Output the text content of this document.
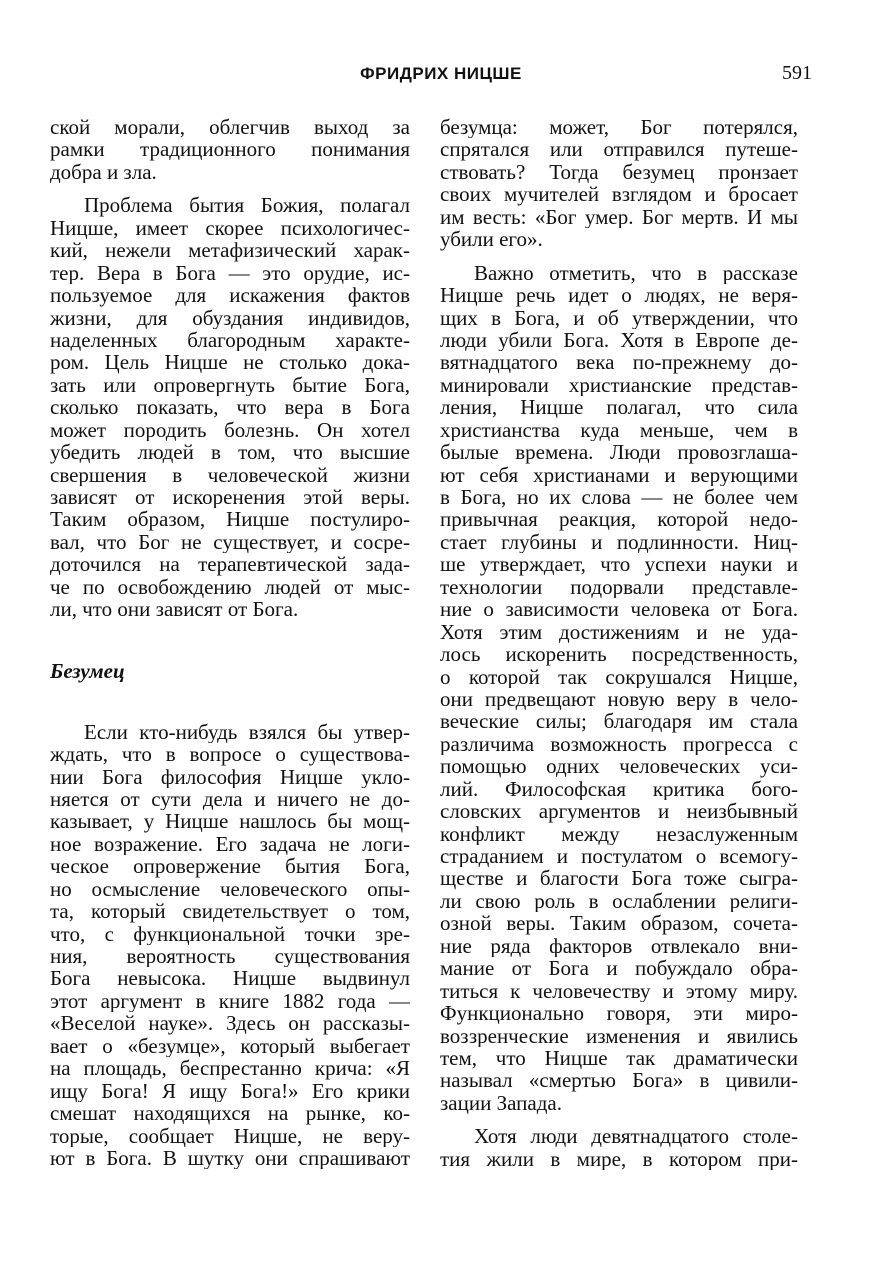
ФРИДРИХ НИЦШЕ	591
ской морали, облегчив выход за
рамки традиционного понимания
добра и зла.
Проблема бытия Божия, полагал
Ницше, имеет скорее психологичес-
кий, нежели метафизический харак-
тер. Вера в Бога — это орудие, ис-
пользуемое для искажения фактов
жизни, для обуздания индивидов,
наделенных благородным характе-
ром. Цель Ницше не столько дока-
зать или опровергнуть бытие Бога,
сколько показать, что вера в Бога
может породить болезнь. Он хотел
убедить людей в том, что высшие
свершения в человеческой жизни
зависят от искоренения этой веры.
Таким образом, Ницше постулиро-
вал, что Бог не существует, и сосре-
доточился на терапевтической зада-
че по освобождению людей от мыс-
ли, что они зависят от Бога.
Безумец
Если кто-нибудь взялся бы утвер-
ждать, что в вопросе о существова-
нии Бога философия Ницше укло-
няется от сути дела и ничего не до-
казывает, у Ницше нашлось бы мощ-
ное возражение. Его задача не логи-
ческое опровержение бытия Бога,
но осмысление человеческого опы-
та, который свидетельствует о том,
что, с функциональной точки зре-
ния, вероятность существования
Бога невысока. Ницше выдвинул
этот аргумент в книге 1882 года —
«Веселой науке». Здесь он рассказы-
вает о «безумце», который выбегает
на площадь, беспрестанно крича: «Я
ищу Бога! Я ищу Бога!» Его крики
смешат находящихся на рынке, ко-
торые, сообщает Ницше, не веру-
ют в Бога. В шутку они спрашивают
безумца: может, Бог потерялся,
спрятался или отправился путеше-
ствовать? Тогда безумец пронзает
своих мучителей взглядом и бросает
им весть: «Бог умер. Бог мертв. И мы
убили его».
Важно отметить, что в рассказе
Ницше речь идет о людях, не веря-
щих в Бога, и об утверждении, что
люди убили Бога. Хотя в Европе де-
вятнадцатого века по-прежнему до-
минировали христианские представ-
ления, Ницше полагал, что сила
христианства куда меньше, чем в
былые времена. Люди провозглаша-
ют себя христианами и верующими
в Бога, но их слова — не более чем
привычная реакция, которой недо-
стает глубины и подлинности. Ниц-
ше утверждает, что успехи науки и
технологии подорвали представле-
ние о зависимости человека от Бога.
Хотя этим достижениям и не уда-
лось искоренить посредственность,
о которой так сокрушался Ницше,
они предвещают новую веру в чело-
веческие силы; благодаря им стала
различима возможность прогресса с
помощью одних человеческих уси-
лий. Философская критика бого-
словских аргументов и неизбывный
конфликт между незаслуженным
страданием и постулатом о всемогу-
ществе и благости Бога тоже сыгра-
ли свою роль в ослаблении религи-
озной веры. Таким образом, сочета-
ние ряда факторов отвлекало вни-
мание от Бога и побуждало обра-
титься к человечеству и этому миру.
Функционально говоря, эти миро-
воззренческие изменения и явились
тем, что Ницше так драматически
называл «смертью Бога» в цивили-
зации Запада.
Хотя люди девятнадцатого столе-
тия жили в мире, в котором при-
